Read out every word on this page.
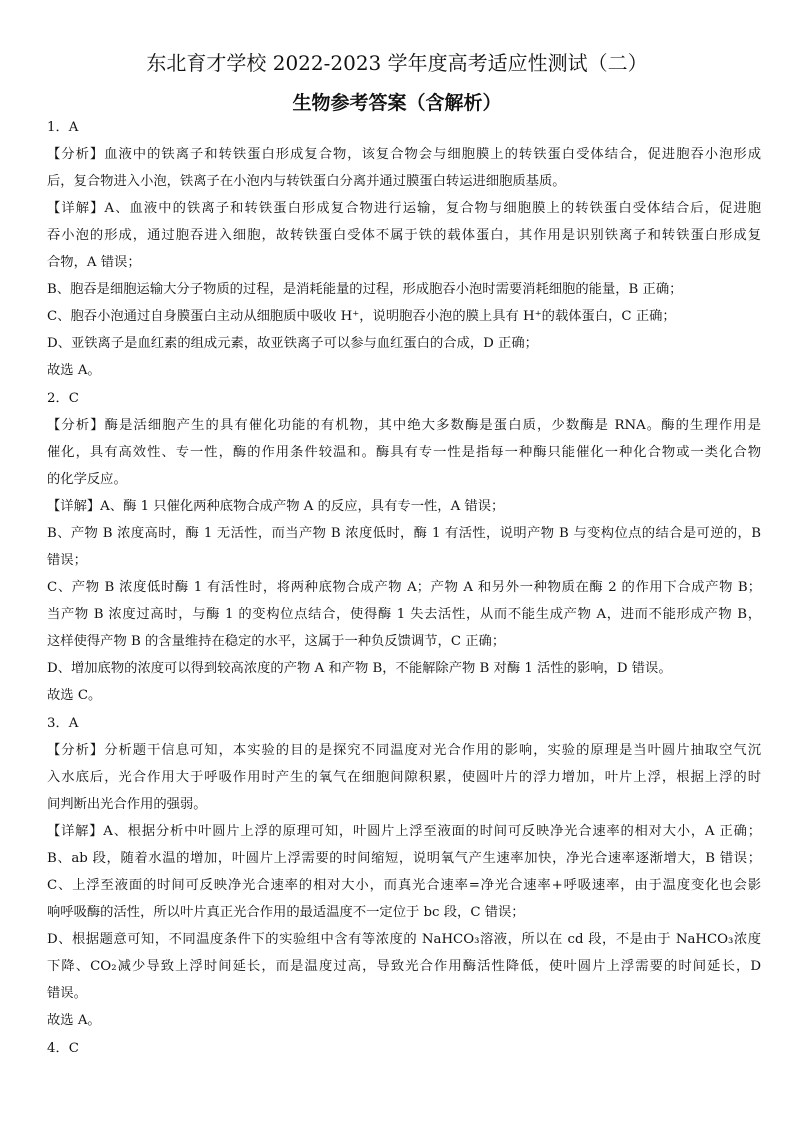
东北育才学校 2022-2023 学年度高考适应性测试（二）
生物参考答案（含解析）
1．A
【分析】血液中的铁离子和转铁蛋白形成复合物，该复合物会与细胞膜上的转铁蛋白受体结合，促进胞吞小泡形成
后，复合物进入小泡，铁离子在小泡内与转铁蛋白分离并通过膜蛋白转运进细胞质基质。
【详解】A、血液中的铁离子和转铁蛋白形成复合物进行运输，复合物与细胞膜上的转铁蛋白受体结合后，促进胞
吞小泡的形成，通过胞吞进入细胞，故转铁蛋白受体不属于铁的载体蛋白，其作用是识别铁离子和转铁蛋白形成复
合物，A 错误；
B、胞吞是细胞运输大分子物质的过程，是消耗能量的过程，形成胞吞小泡时需要消耗细胞的能量，B 正确；
C、胞吞小泡通过自身膜蛋白主动从细胞质中吸收 H⁺，说明胞吞小泡的膜上具有 H⁺的载体蛋白，C 正确；
D、亚铁离子是血红素的组成元素，故亚铁离子可以参与血红蛋白的合成，D 正确；
故选 A。
2．C
【分析】酶是活细胞产生的具有催化功能的有机物，其中绝大多数酶是蛋白质，少数酶是 RNA。酶的生理作用是
催化，具有高效性、专一性，酶的作用条件较温和。酶具有专一性是指每一种酶只能催化一种化合物或一类化合物
的化学反应。
【详解】A、酶 1 只催化两种底物合成产物 A 的反应，具有专一性，A 错误；
B、产物 B 浓度高时，酶 1 无活性，而当产物 B 浓度低时，酶 1 有活性，说明产物 B 与变构位点的结合是可逆的，B
错误；
C、产物 B 浓度低时酶 1 有活性时，将两种底物合成产物 A；产物 A 和另外一种物质在酶 2 的作用下合成产物 B；
当产物 B 浓度过高时，与酶 1 的变构位点结合，使得酶 1 失去活性，从而不能生成产物 A，进而不能形成产物 B，
这样使得产物 B 的含量维持在稳定的水平，这属于一种负反馈调节，C 正确；
D、增加底物的浓度可以得到较高浓度的产物 A 和产物 B，不能解除产物 B 对酶 1 活性的影响，D 错误。
故选 C。
3．A
【分析】分析题干信息可知，本实验的目的是探究不同温度对光合作用的影响，实验的原理是当叶圆片抽取空气沉
入水底后，光合作用大于呼吸作用时产生的氧气在细胞间隙积累，使圆叶片的浮力增加，叶片上浮，根据上浮的时
间判断出光合作用的强弱。
【详解】A、根据分析中叶圆片上浮的原理可知，叶圆片上浮至液面的时间可反映净光合速率的相对大小，A 正确；
B、ab 段，随着水温的增加，叶圆片上浮需要的时间缩短，说明氧气产生速率加快，净光合速率逐渐增大，B 错误；
C、上浮至液面的时间可反映净光合速率的相对大小，而真光合速率=净光合速率+呼吸速率，由于温度变化也会影
响呼吸酶的活性，所以叶片真正光合作用的最适温度不一定位于 bc 段，C 错误；
D、根据题意可知，不同温度条件下的实验组中含有等浓度的 NaHCO₃溶液，所以在 cd 段，不是由于 NaHCO₃浓度
下降、CO₂减少导致上浮时间延长，而是温度过高，导致光合作用酶活性降低，使叶圆片上浮需要的时间延长，D
错误。
故选 A。
4．C
